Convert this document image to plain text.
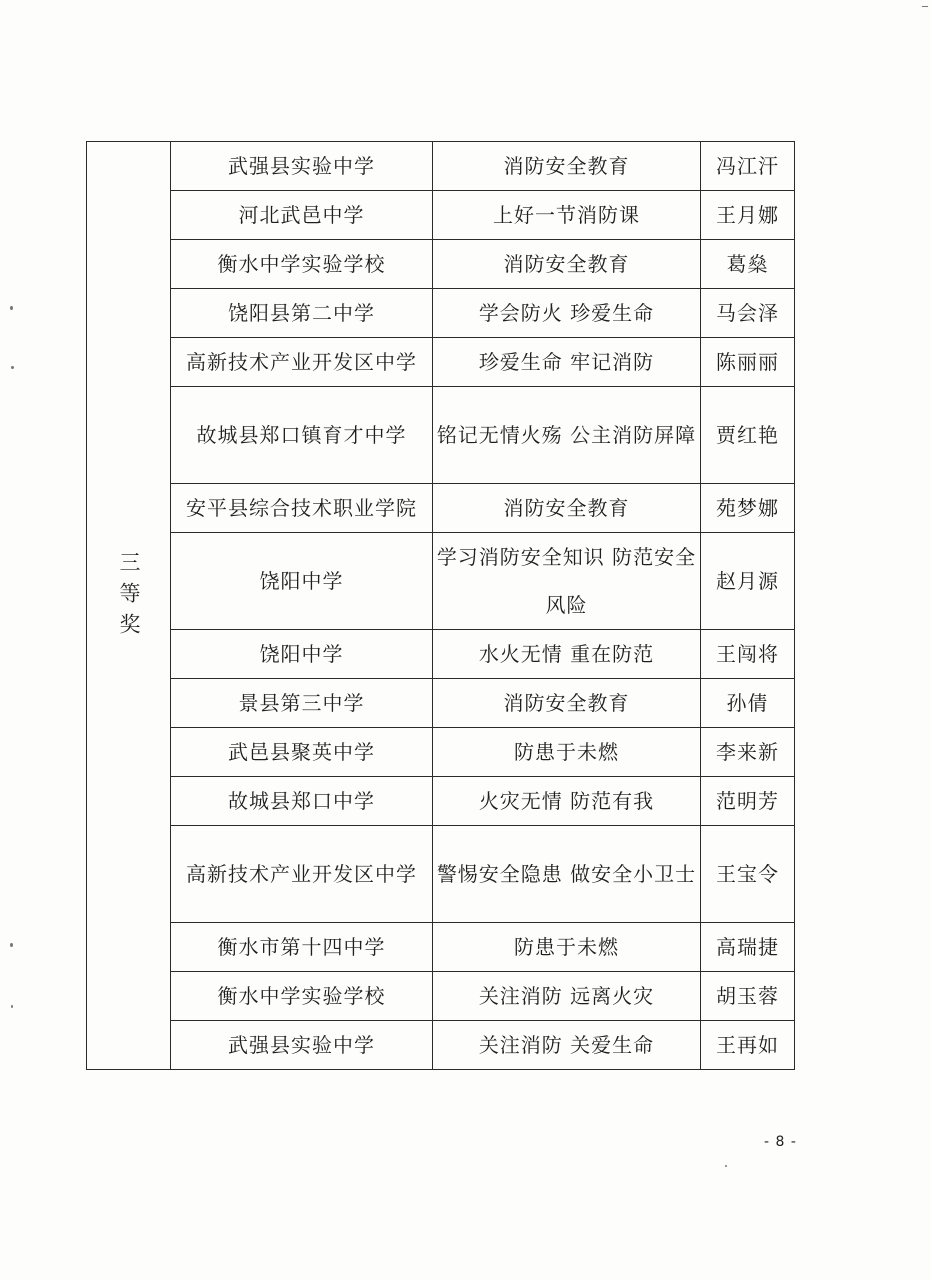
三等奖	武强县实验中学	消防安全教育	冯江汗
	河北武邑中学	上好一节消防课	王月娜
	衡水中学实验学校	消防安全教育	葛燊
	饶阳县第二中学	学会防火 珍爱生命	马会泽
	高新技术产业开发区中学	珍爱生命 牢记消防	陈丽丽
	故城县郑口镇育才中学	铭记无情火殇 公主消防屏障	贾红艳
	安平县综合技术职业学院	消防安全教育	苑梦娜
	饶阳中学	学习消防安全知识 防范安全风险	赵月源
	饶阳中学	水火无情 重在防范	王闯将
	景县第三中学	消防安全教育	孙倩
	武邑县聚英中学	防患于未燃	李来新
	故城县郑口中学	火灾无情 防范有我	范明芳
	高新技术产业开发区中学	警惕安全隐患 做安全小卫士	王宝令
	衡水市第十四中学	防患于未燃	高瑞捷
	衡水中学实验学校	关注消防 远离火灾	胡玉蓉
	武强县实验中学	关注消防 关爱生命	王再如
- 8 -
